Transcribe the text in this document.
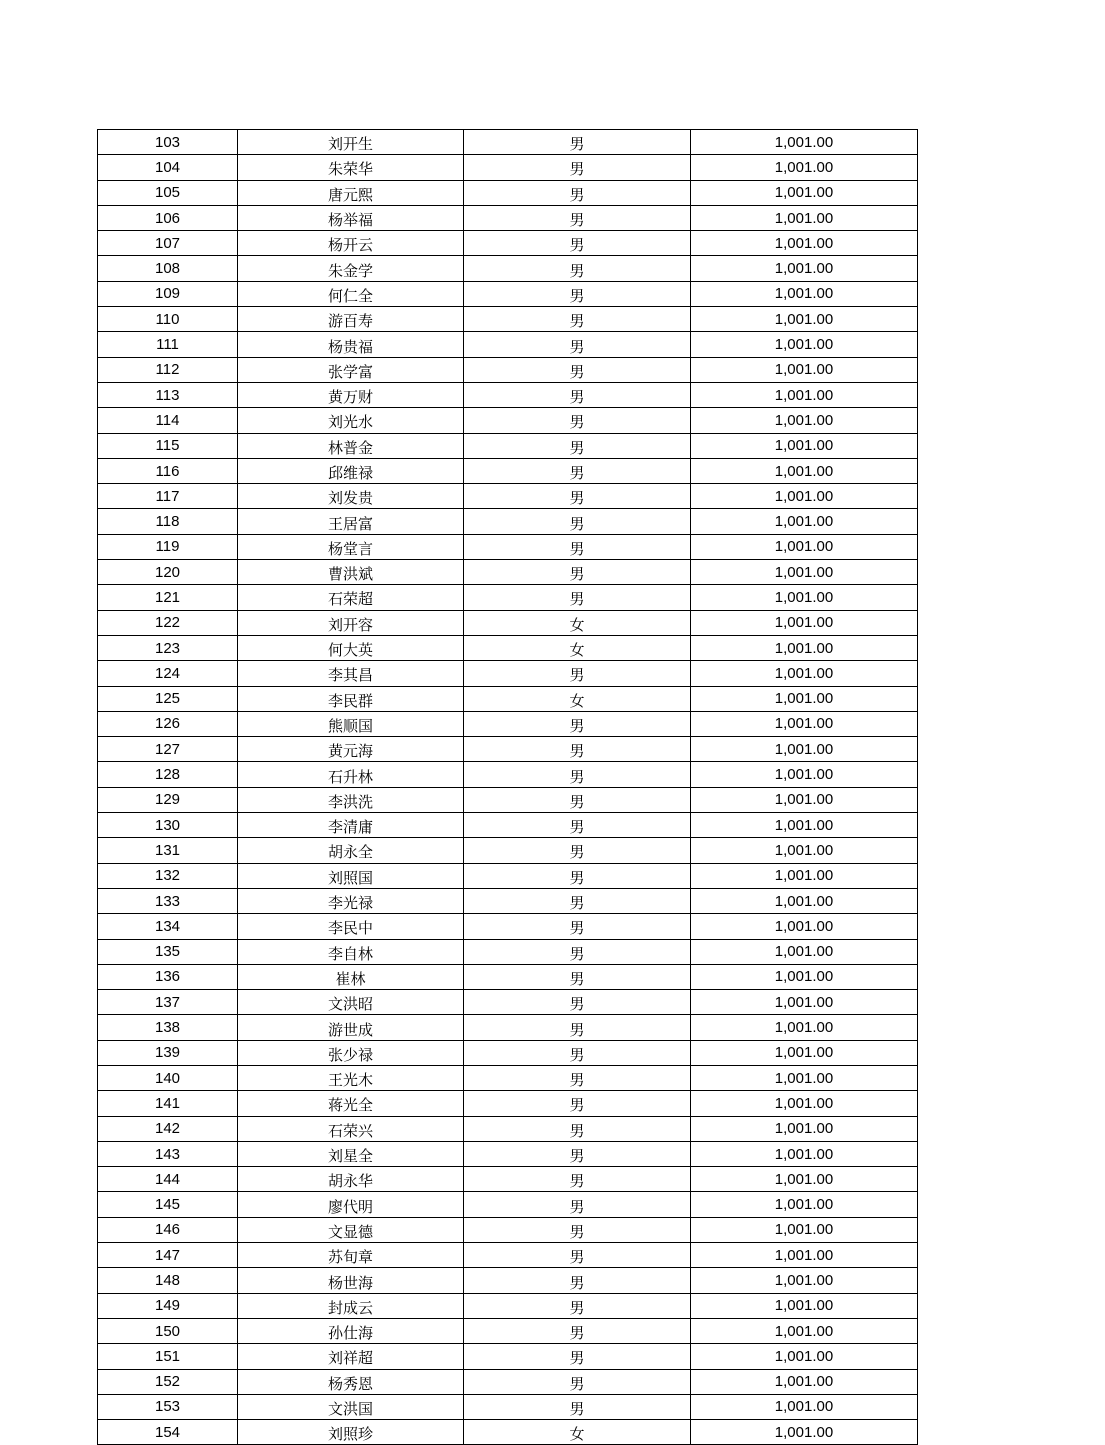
103	刘开生	男	1,001.00
104	朱荣华	男	1,001.00
105	唐元熙	男	1,001.00
106	杨举福	男	1,001.00
107	杨开云	男	1,001.00
108	朱金学	男	1,001.00
109	何仁全	男	1,001.00
110	游百寿	男	1,001.00
111	杨贵福	男	1,001.00
112	张学富	男	1,001.00
113	黄万财	男	1,001.00
114	刘光水	男	1,001.00
115	林普金	男	1,001.00
116	邱维禄	男	1,001.00
117	刘发贵	男	1,001.00
118	王居富	男	1,001.00
119	杨堂言	男	1,001.00
120	曹洪斌	男	1,001.00
121	石荣超	男	1,001.00
122	刘开容	女	1,001.00
123	何大英	女	1,001.00
124	李其昌	男	1,001.00
125	李民群	女	1,001.00
126	熊顺国	男	1,001.00
127	黄元海	男	1,001.00
128	石升林	男	1,001.00
129	李洪洗	男	1,001.00
130	李清庸	男	1,001.00
131	胡永全	男	1,001.00
132	刘照国	男	1,001.00
133	李光禄	男	1,001.00
134	李民中	男	1,001.00
135	李自林	男	1,001.00
136	崔林	男	1,001.00
137	文洪昭	男	1,001.00
138	游世成	男	1,001.00
139	张少禄	男	1,001.00
140	王光木	男	1,001.00
141	蒋光全	男	1,001.00
142	石荣兴	男	1,001.00
143	刘星全	男	1,001.00
144	胡永华	男	1,001.00
145	廖代明	男	1,001.00
146	文显德	男	1,001.00
147	苏旬章	男	1,001.00
148	杨世海	男	1,001.00
149	封成云	男	1,001.00
150	孙仕海	男	1,001.00
151	刘祥超	男	1,001.00
152	杨秀恩	男	1,001.00
153	文洪国	男	1,001.00
154	刘照珍	女	1,001.00
